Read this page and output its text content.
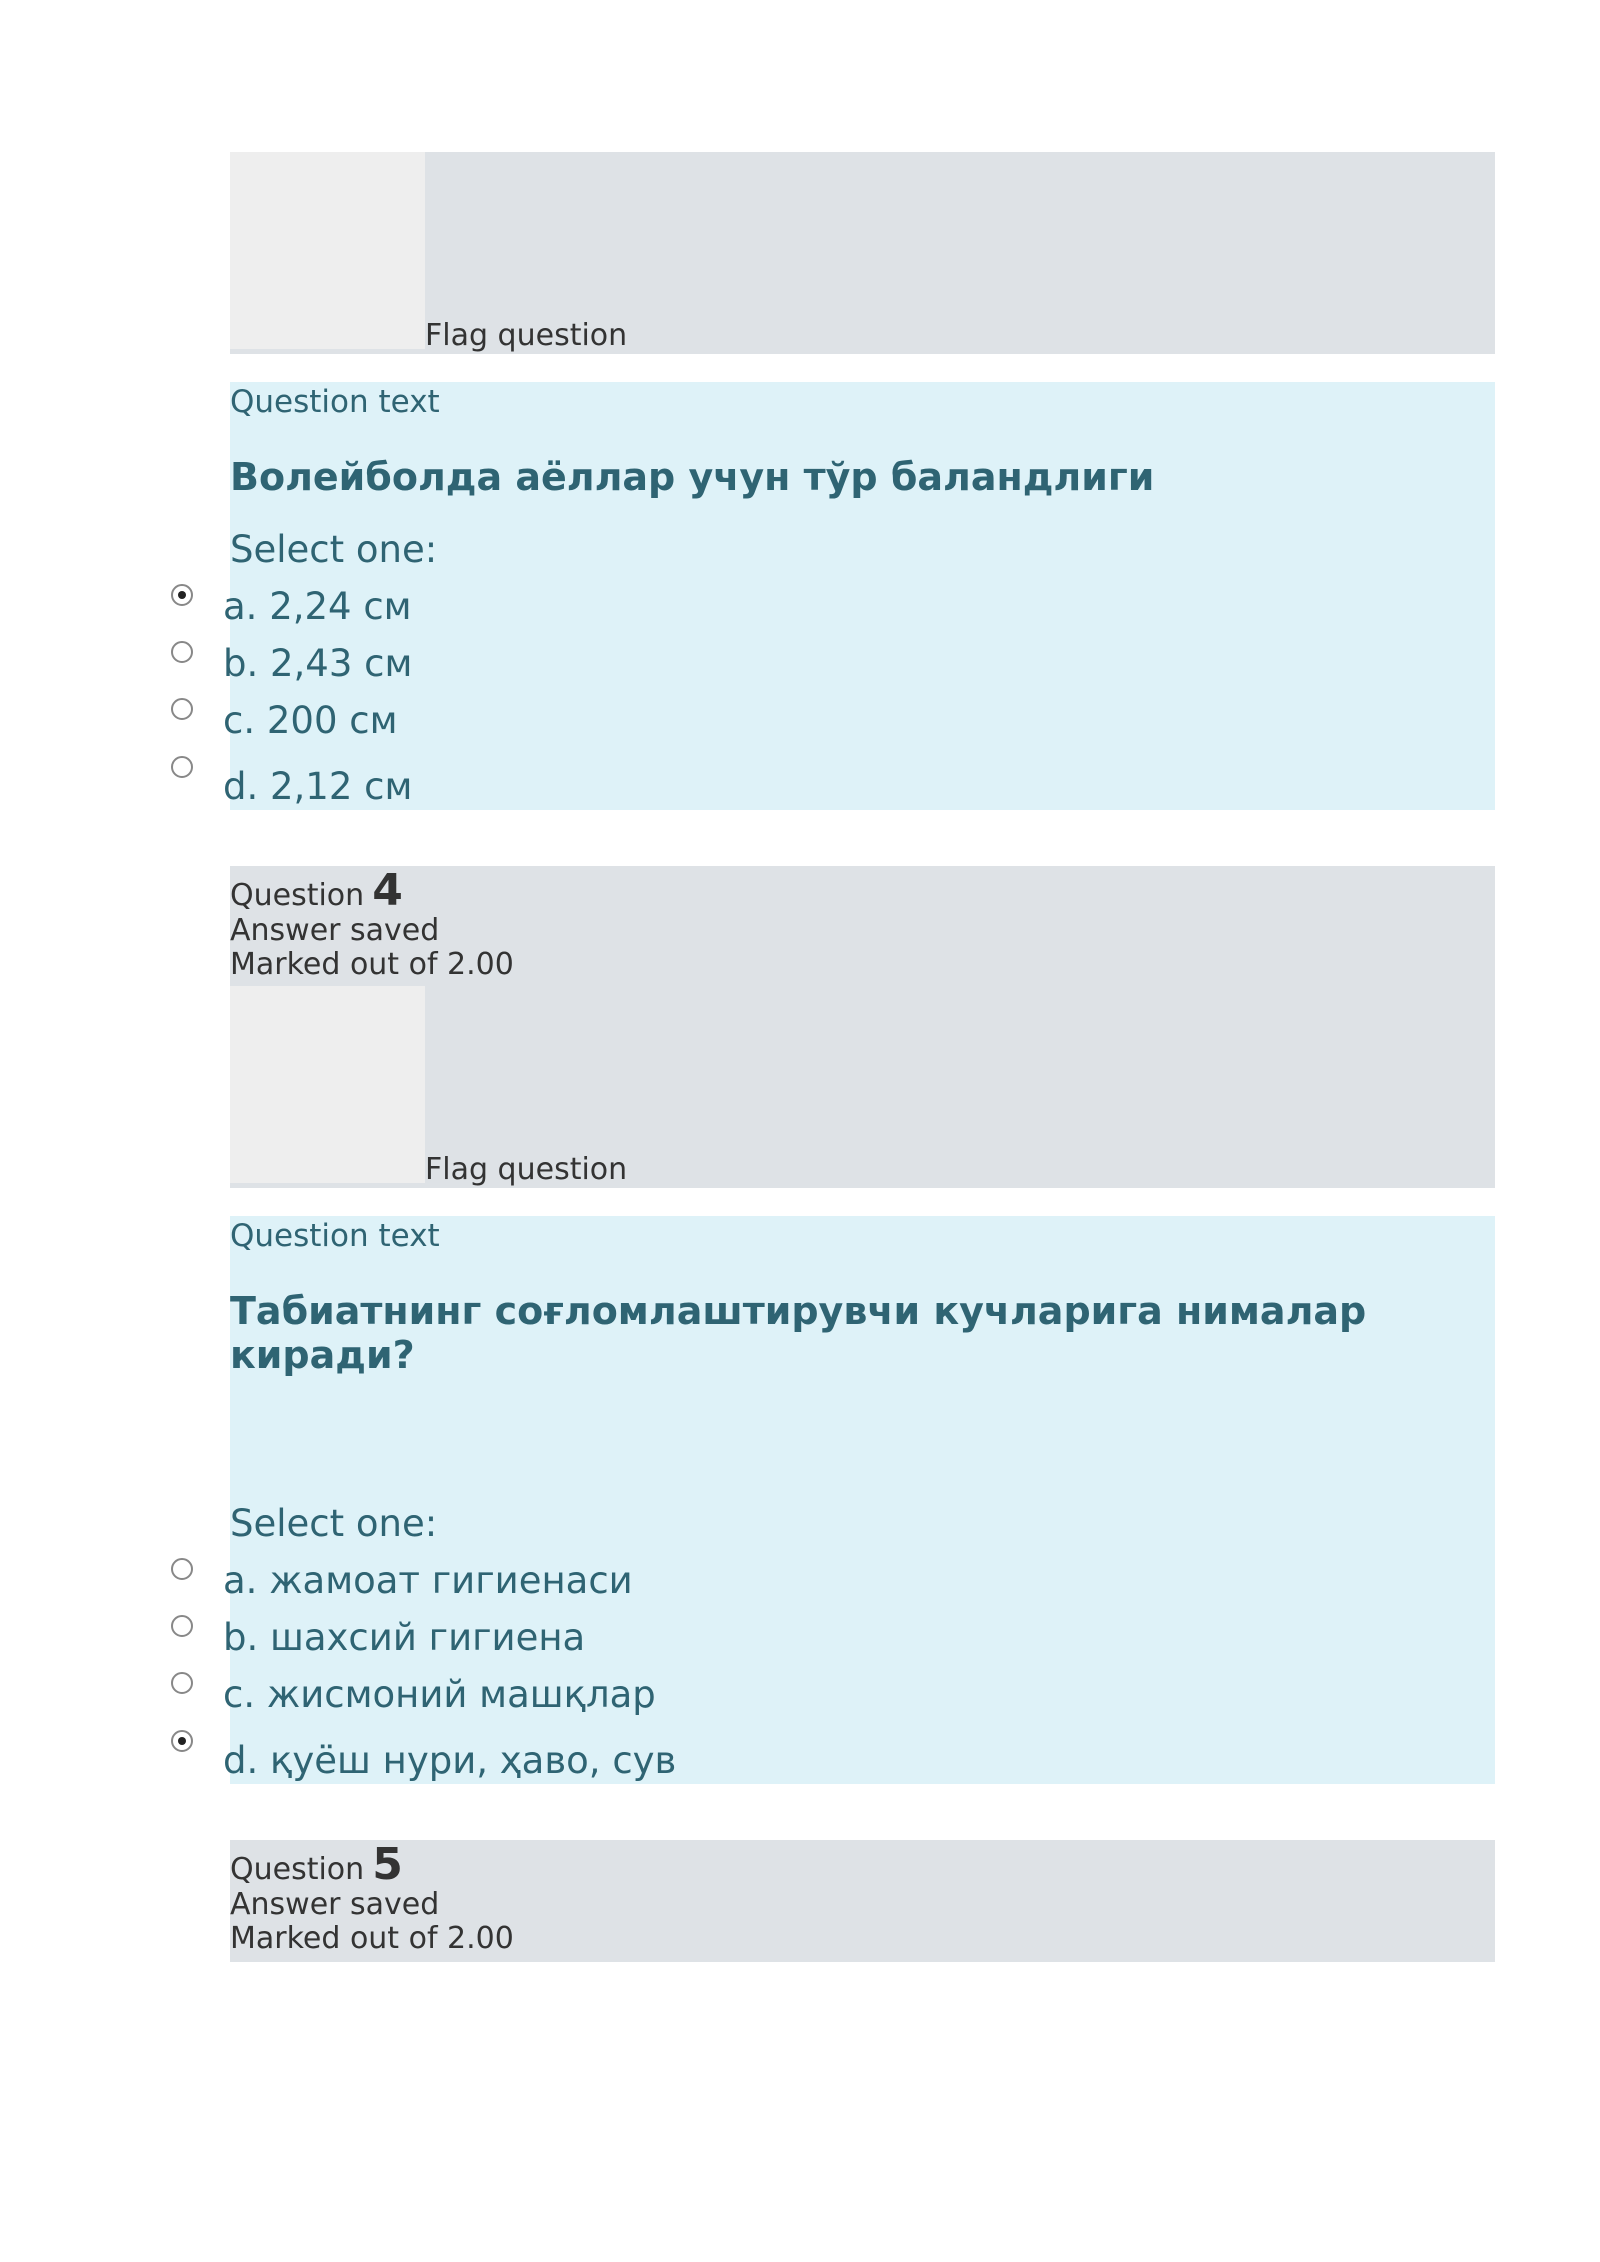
Flag question
Question text
Волейболда аёллар учун тўр баландлиги
Select one:
a. 2,24 см
b. 2,43 см
c. 200 см
d. 2,12 см
Question 4
Answer saved
Marked out of 2.00
Flag question
Question text
Табиатнинг соғломлаштирувчи кучларига нималар
киради?
Select one:
a. жамоат гигиенаси
b. шахсий гигиена
c. жисмоний машқлар
d. қуёш нури, ҳаво, сув
Question 5
Answer saved
Marked out of 2.00
